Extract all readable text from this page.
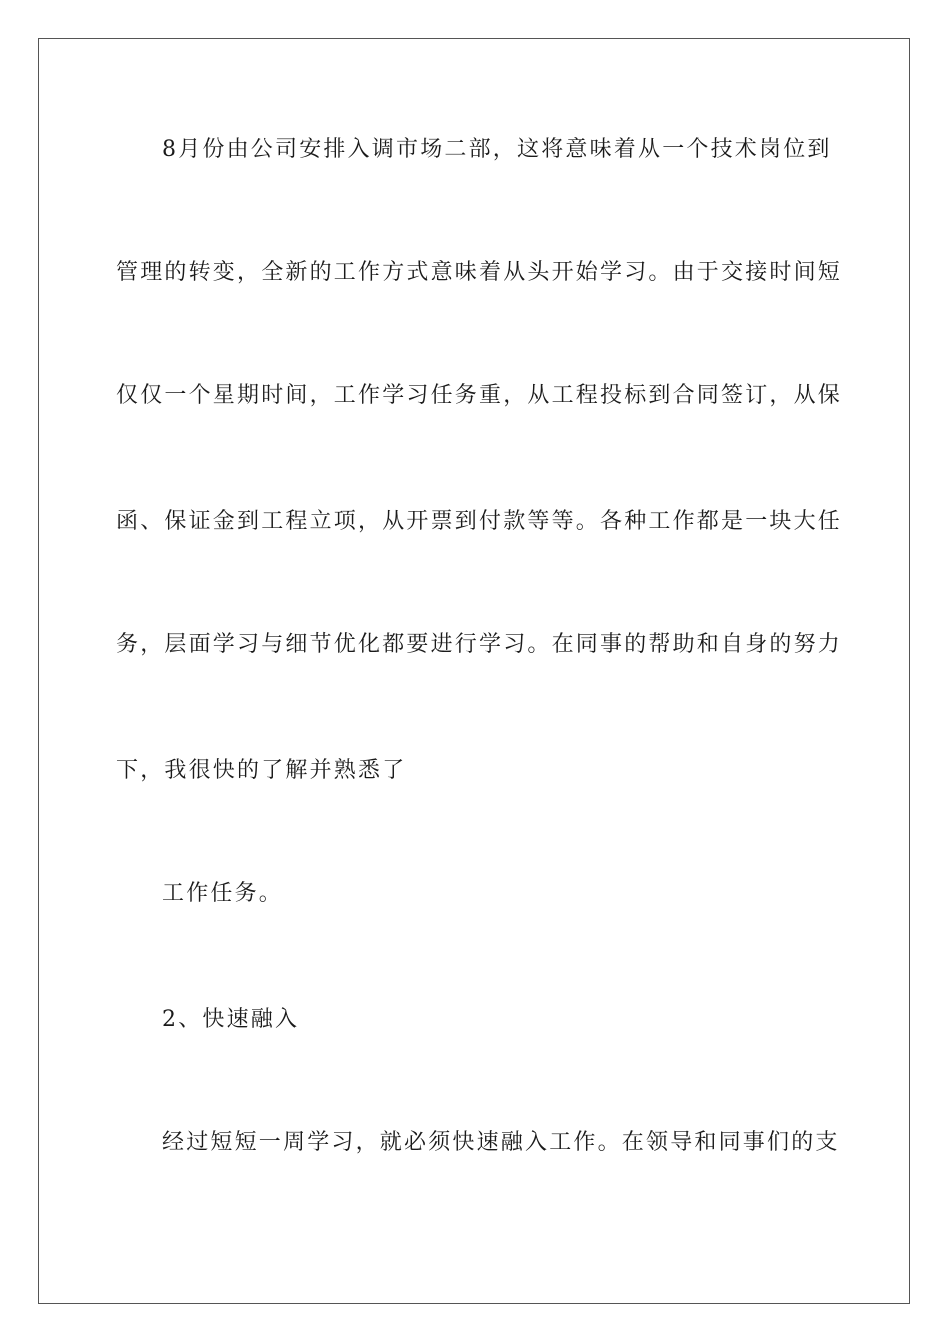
8月份由公司安排入调市场二部，这将意味着从一个技术岗位到
管理的转变，全新的工作方式意味着从头开始学习。由于交接时间短
仅仅一个星期时间，工作学习任务重，从工程投标到合同签订，从保
函、保证金到工程立项，从开票到付款等等。各种工作都是一块大任
务，层面学习与细节优化都要进行学习。在同事的帮助和自身的努力
下，我很快的了解并熟悉了
工作任务。
2、快速融入
经过短短一周学习，就必须快速融入工作。在领导和同事们的支
